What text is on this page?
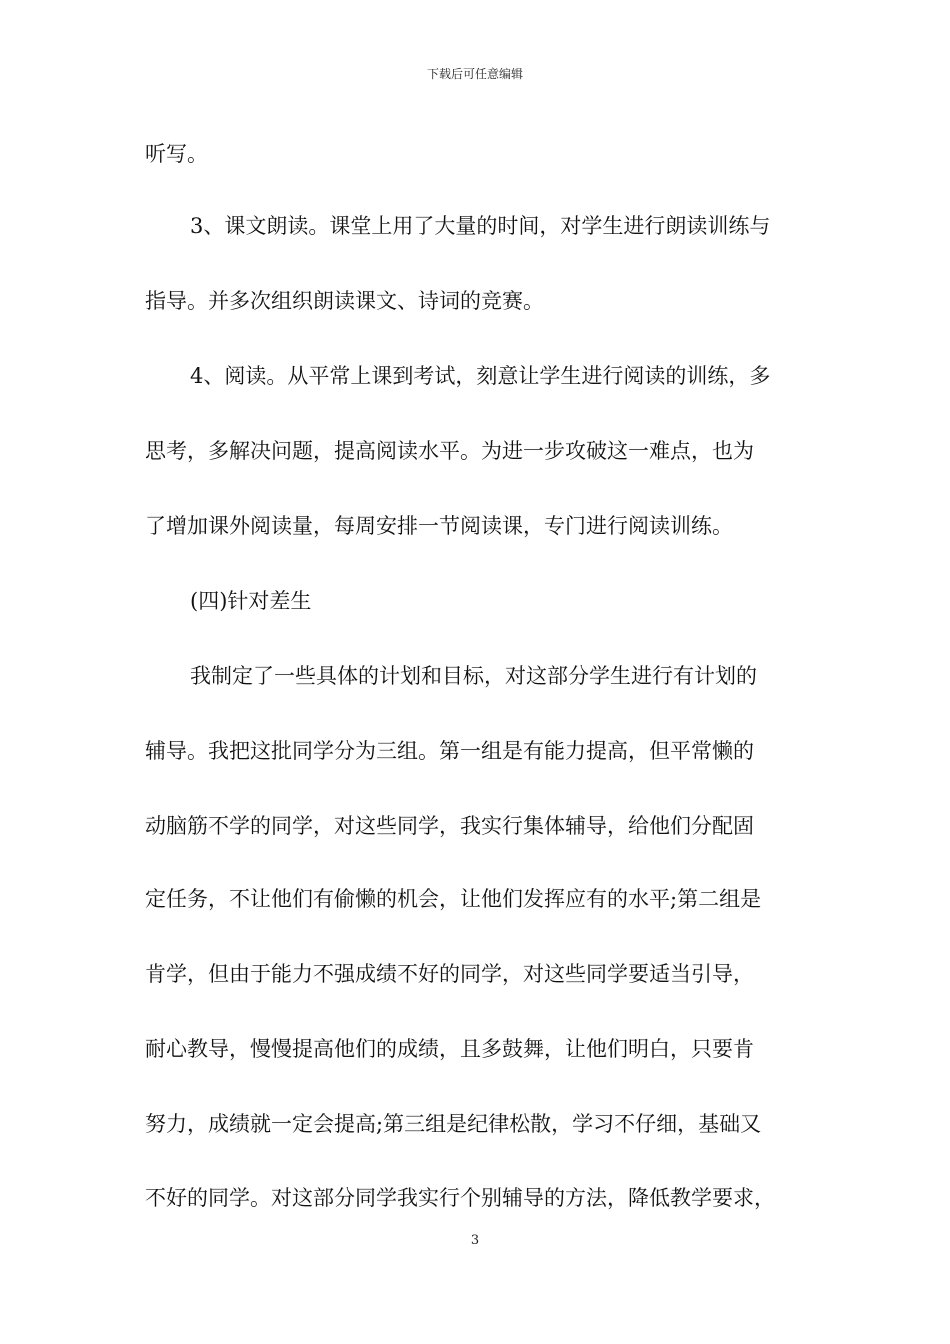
下载后可任意编辑
听写。
3、课文朗读。课堂上用了大量的时间，对学生进行朗读训练与
指导。并多次组织朗读课文、诗词的竞赛。
4、阅读。从平常上课到考试，刻意让学生进行阅读的训练，多
思考，多解决问题，提高阅读水平。为进一步攻破这一难点，也为
了增加课外阅读量，每周安排一节阅读课，专门进行阅读训练。
(四)针对差生
我制定了一些具体的计划和目标，对这部分学生进行有计划的
辅导。我把这批同学分为三组。第一组是有能力提高，但平常懒的
动脑筋不学的同学，对这些同学，我实行集体辅导，给他们分配固
定任务，不让他们有偷懒的机会，让他们发挥应有的水平;第二组是
肯学，但由于能力不强成绩不好的同学，对这些同学要适当引导，
耐心教导，慢慢提高他们的成绩，且多鼓舞，让他们明白，只要肯
努力，成绩就一定会提高;第三组是纪律松散，学习不仔细，基础又
不好的同学。对这部分同学我实行个别辅导的方法，降低教学要求，
3
